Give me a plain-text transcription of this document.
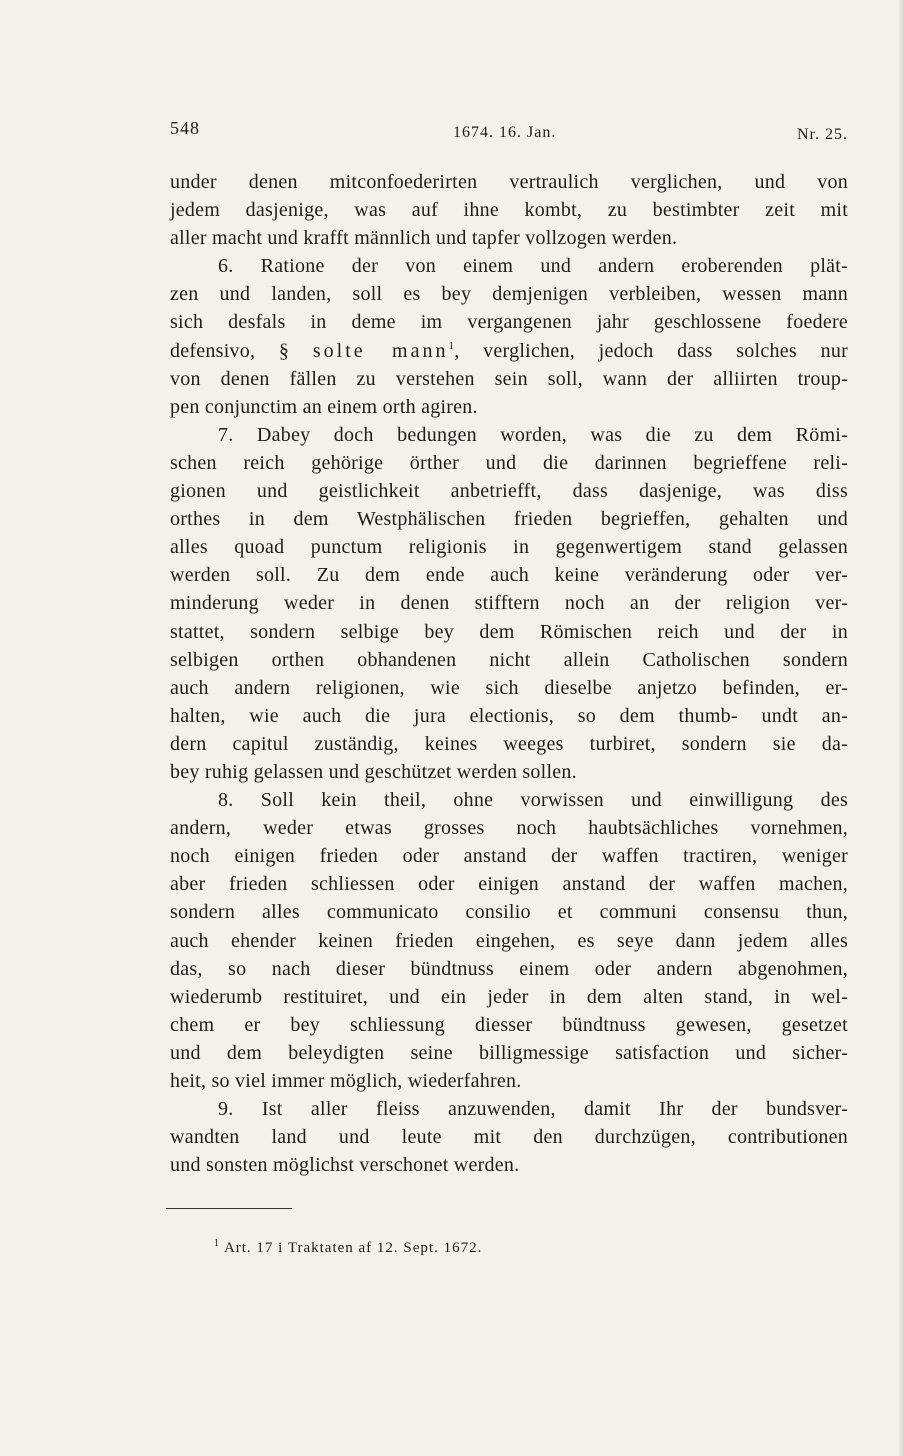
548	1674. 16. Jan.	Nr. 25.
under denen mitconfoederirten vertraulich verglichen, und von
jedem dasjenige, was auf ihne kombt, zu bestimbter zeit mit
aller macht und krafft männlich und tapfer vollzogen werden.
6. Ratione der von einem und andern eroberenden plät-
zen und landen, soll es bey demjenigen verbleiben, wessen mann
sich desfals in deme im vergangenen jahr geschlossene foedere
defensivo, § solte mann$^1$, verglichen, jedoch dass solches nur
von denen fällen zu verstehen sein soll, wann der alliirten troup-
pen conjunctim an einem orth agiren.
7. Dabey doch bedungen worden, was die zu dem Römi-
schen reich gehörige örther und die darinnen begrieffene reli-
gionen und geistlichkeit anbetriefft, dass dasjenige, was diss
orthes in dem Westphälischen frieden begrieffen, gehalten und
alles quoad punctum religionis in gegenwertigem stand gelassen
werden soll. Zu dem ende auch keine veränderung oder ver-
minderung weder in denen stifftern noch an der religion ver-
stattet, sondern selbige bey dem Römischen reich und der in
selbigen orthen obhandenen nicht allein Catholischen sondern
auch andern religionen, wie sich dieselbe anjetzo befinden, er-
halten, wie auch die jura electionis, so dem thumb- undt an-
dern capitul zuständig, keines weeges turbiret, sondern sie da-
bey ruhig gelassen und geschützet werden sollen.
8. Soll kein theil, ohne vorwissen und einwilligung des
andern, weder etwas grosses noch haubtsächliches vornehmen,
noch einigen frieden oder anstand der waffen tractiren, weniger
aber frieden schliessen oder einigen anstand der waffen machen,
sondern alles communicato consilio et communi consensu thun,
auch ehender keinen frieden eingehen, es seye dann jedem alles
das, so nach dieser bündtnuss einem oder andern abgenohmen,
wiederumb restituiret, und ein jeder in dem alten stand, in wel-
chem er bey schliessung diesser bündtnuss gewesen, gesetzet
und dem beleydigten seine billigmessige satisfaction und sicher-
heit, so viel immer möglich, wiederfahren.
9. Ist aller fleiss anzuwenden, damit Ihr der bundsver-
wandten land und leute mit den durchzügen, contributionen
und sonsten möglichst verschonet werden.
$^1$ Art. 17 i Traktaten af 12. Sept. 1672.
